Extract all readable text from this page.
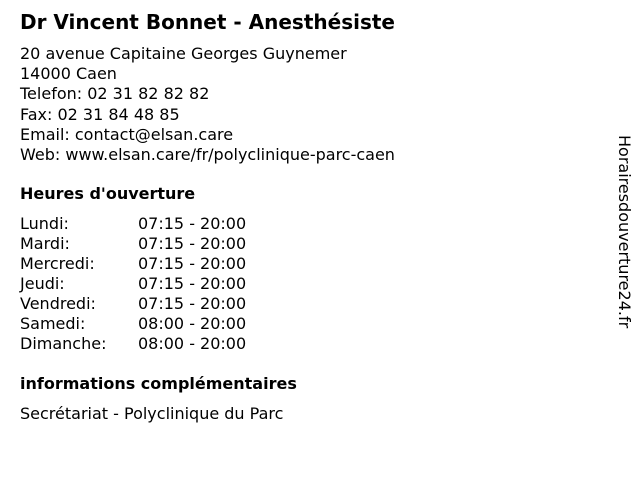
Dr Vincent Bonnet - Anesthésiste
20 avenue Capitaine Georges Guynemer
14000 Caen
Telefon: 02 31 82 82 82
Fax: 02 31 84 48 85
Email: contact@elsan.care
Web: www.elsan.care/fr/polyclinique-parc-caen
Heures d'ouverture
Lundi:	07:15 - 20:00
Mardi:	07:15 - 20:00
Mercredi:	07:15 - 20:00
Jeudi:	07:15 - 20:00
Vendredi:	07:15 - 20:00
Samedi:	08:00 - 20:00
Dimanche: 08:00 - 20:00
informations complémentaires
Secrétariat - Polyclinique du Parc
Horairesdouverture24.fr
